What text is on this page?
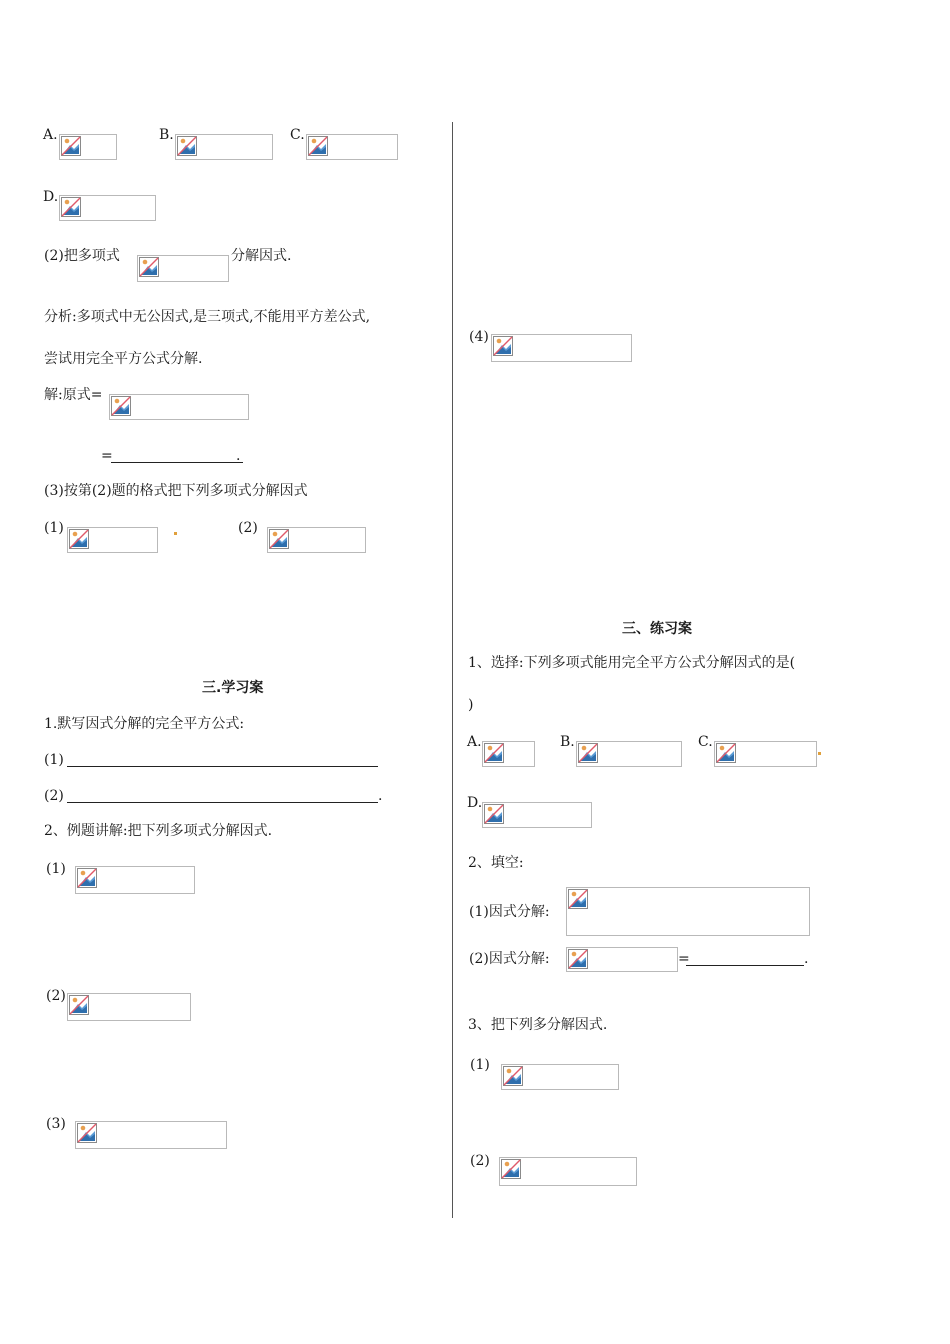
A.	B.	C.
D.
(2)把多项式	分解因式.
分析:多项式中无公因式,是三项式,不能用平方差公式,
尝试用完全平方公式分解.
解:原式=
=	.
(3)按第(2)题的格式把下列多项式分解因式
(1)	(2)
三.学习案
1.默写因式分解的完全平方公式:
(1)
(2)	.
2、例题讲解:把下列多项式分解因式.
(1)
(2)
(3)
(4)
三、练习案
1、选择:下列多项式能用完全平方公式分解因式的是(
)
A.	B.	C.
D.
2、填空:
(1)因式分解:
(2)因式分解:	=	.
3、把下列多分解因式.
(1)
(2)
